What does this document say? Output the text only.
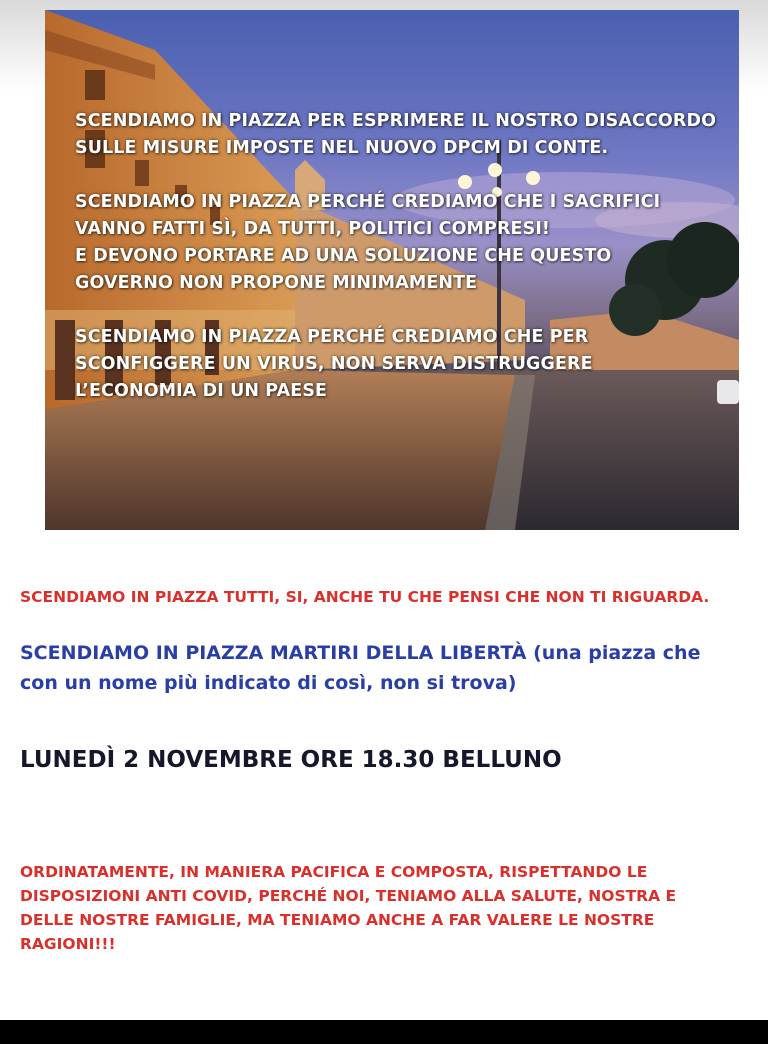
SCENDIAMO IN PIAZZA PER ESPRIMERE IL NOSTRO DISACCORDO

SULLE MISURE IMPOSTE NEL NUOVO DPCM DI CONTE.

SCENDIAMO IN PIAZZA PERCHÉ CREDIAMO CHE I SACRIFICI

VANNO FATTI SÌ, DA TUTTI, POLITICI COMPRESI!

E DEVONO PORTARE AD UNA SOLUZIONE CHE QUESTO

GOVERNO NON PROPONE MINIMAMENTE

SCENDIAMO IN PIAZZA PERCHÉ CREDIAMO CHE PER

SCONFIGGERE UN VIRUS, NON SERVA DISTRUGGERE

L’ECONOMIA DI UN PAESE

SCENDIAMO IN PIAZZA TUTTI, SI, ANCHE TU CHE PENSI CHE NON TI RIGUARDA.
SCENDIAMO IN PIAZZA MARTIRI DELLA LIBERTÀ (una piazza che
con un nome più indicato di così, non si trova)
LUNEDÌ 2 NOVEMBRE ORE 18.30 BELLUNO
ORDINATAMENTE, IN MANIERA PACIFICA E COMPOSTA, RISPETTANDO LE
DISPOSIZIONI ANTI COVID, PERCHÉ NOI, TENIAMO ALLA SALUTE, NOSTRA E
DELLE NOSTRE FAMIGLIE, MA TENIAMO ANCHE A FAR VALERE LE NOSTRE
RAGIONI!!!
